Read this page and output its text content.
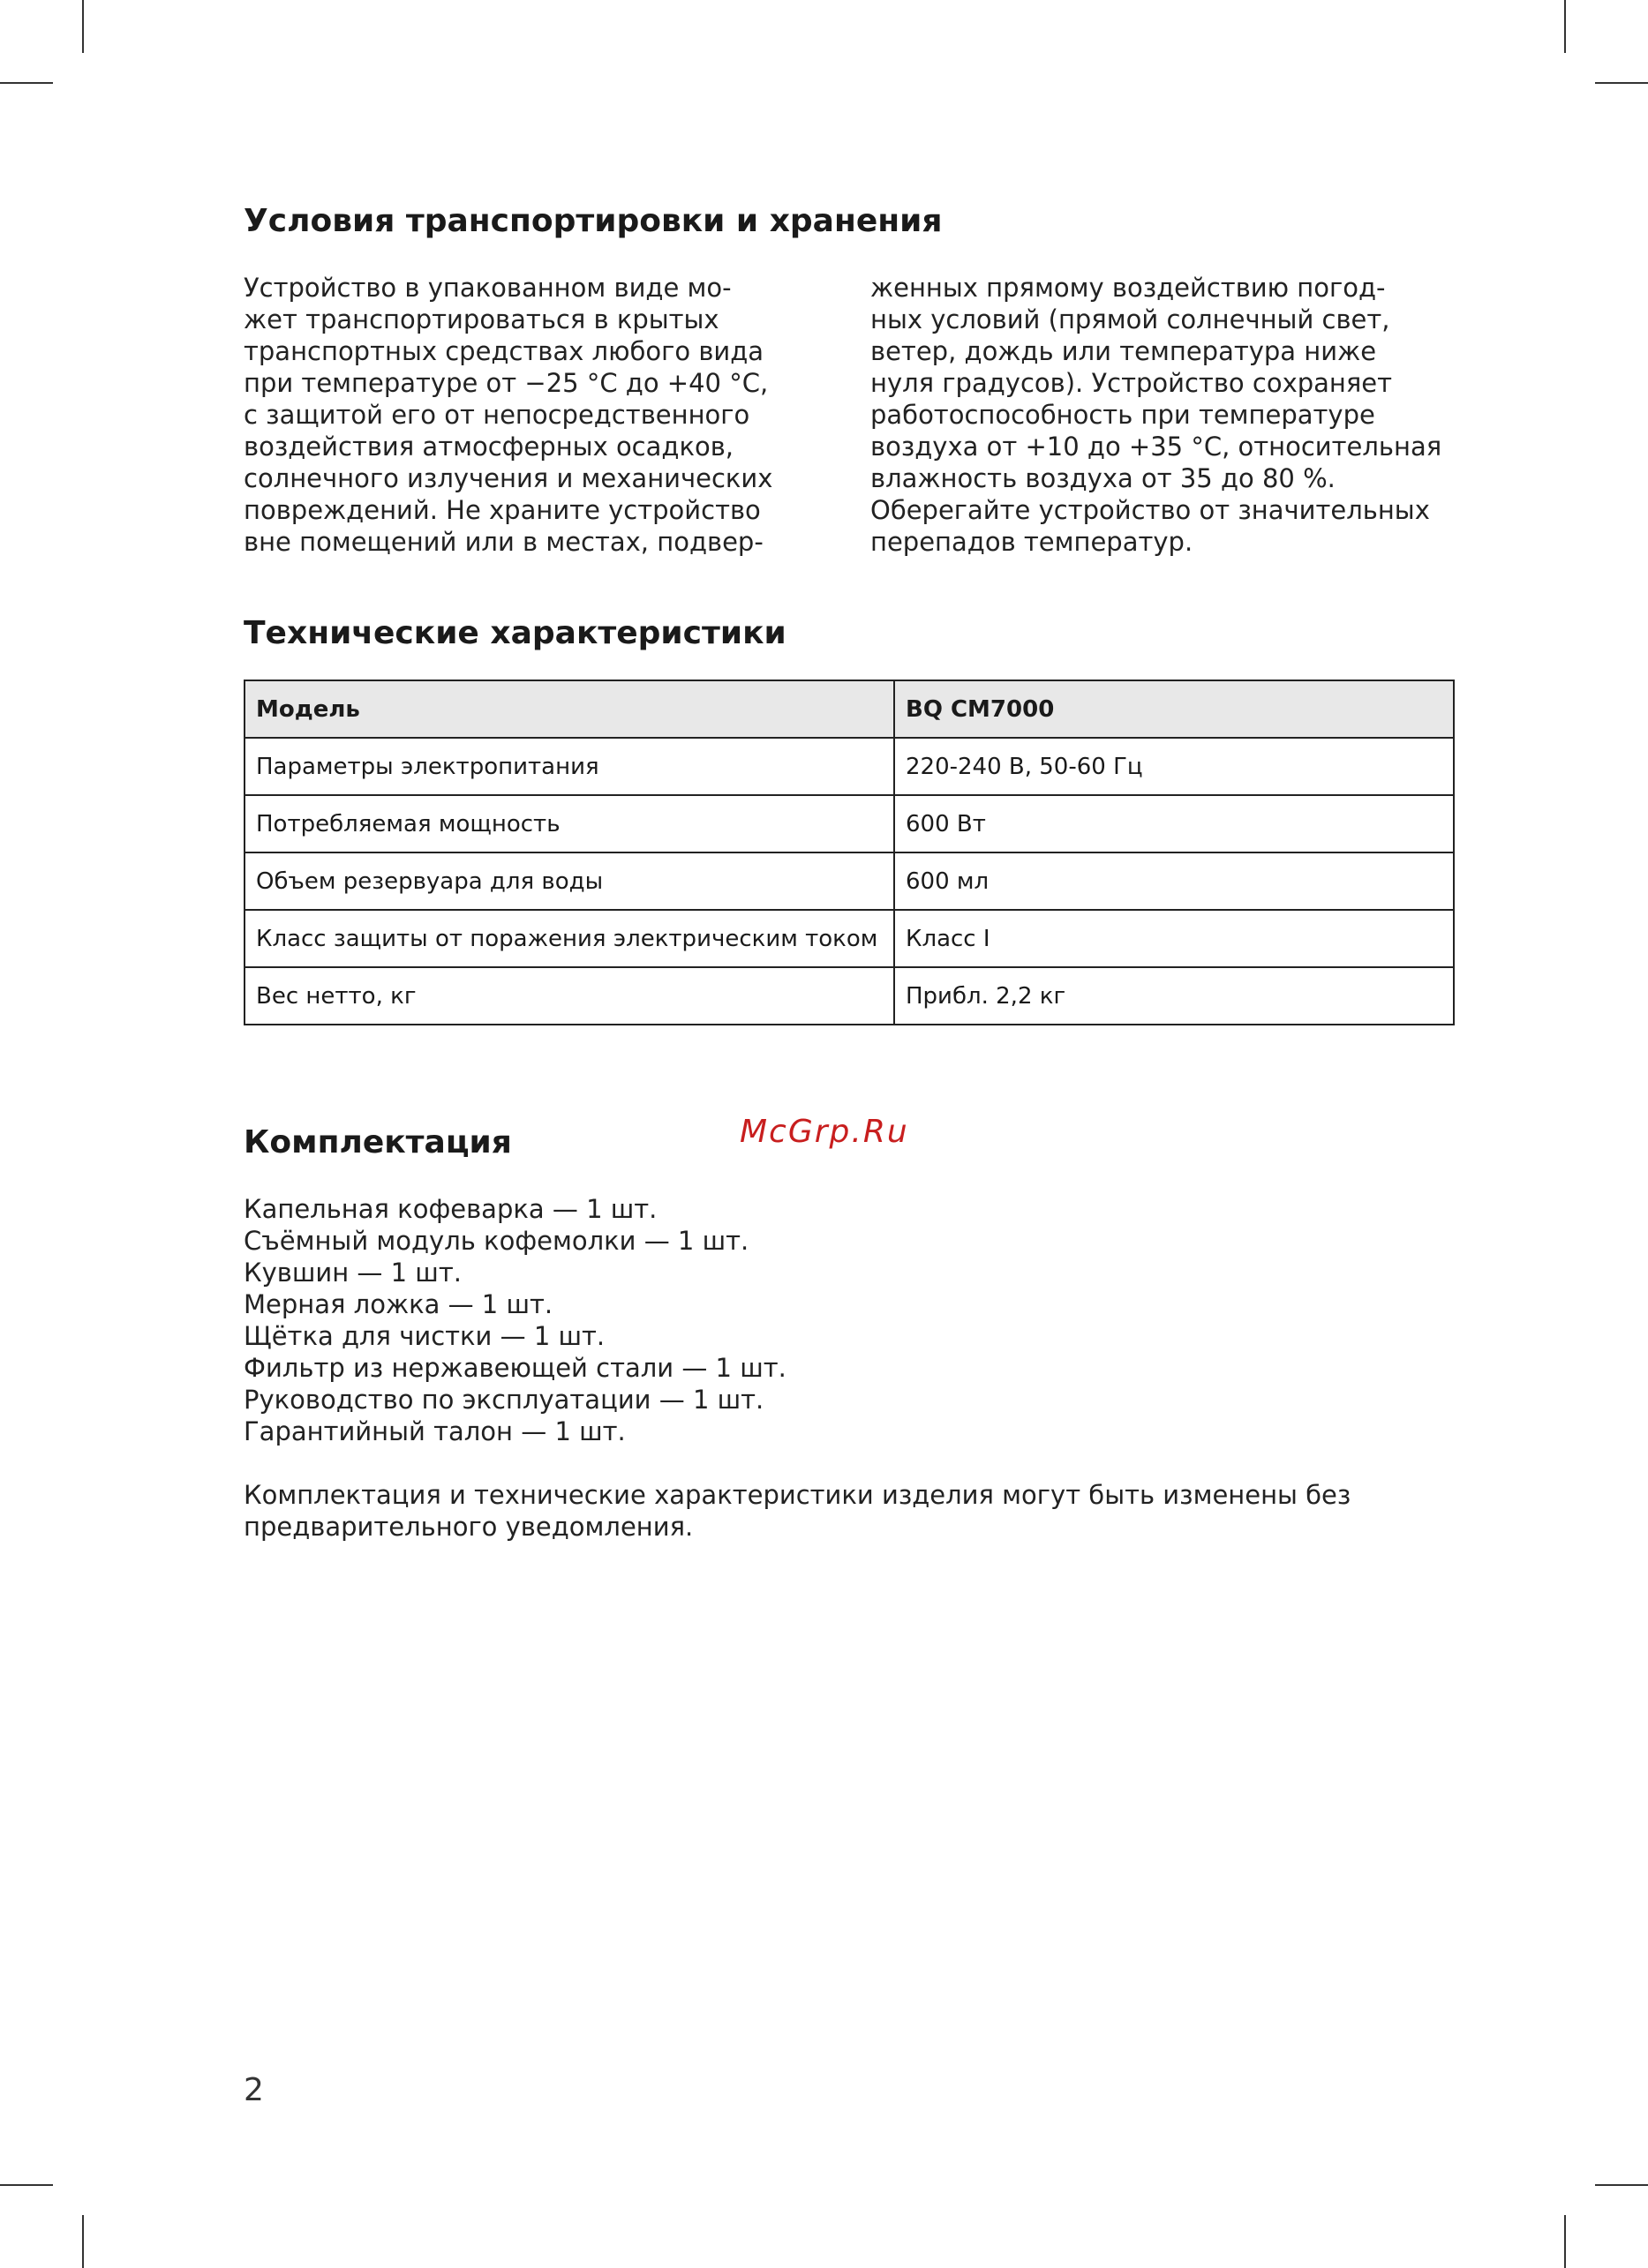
Условия транспортировки и хранения
Устройство в упакованном виде мо-
жет транспортироваться в крытых
транспортных средствах любого вида
при температуре от −25 °C до +40 °C,
с защитой его от непосредственного
воздействия атмосферных осадков,
солнечного излучения и механических
повреждений. Не храните устройство
вне помещений или в местах, подвер-
женных прямому воздействию погод-
ных условий (прямой солнечный свет,
ветер, дождь или температура ниже
нуля градусов). Устройство сохраняет
работоспособность при температуре
воздуха от +10 до +35 °C, относительная
влажность воздуха от 35 до 80 %.
Оберегайте устройство от значительных
перепадов температур.
Технические характеристики
Модель	BQ CM7000
Параметры электропитания	220-240 В, 50-60 Гц
Потребляемая мощность	600 Вт
Объем резервуара для воды	600 мл
Класс защиты от поражения электрическим током	Класс I
Вес нетто, кг	Прибл. 2,2 кг
Комплектация	McGrp.Ru
Капельная кофеварка — 1 шт.
Съёмный модуль кофемолки — 1 шт.
Кувшин — 1 шт.
Мерная ложка — 1 шт.
Щётка для чистки — 1 шт.
Фильтр из нержавеющей стали — 1 шт.
Руководство по эксплуатации — 1 шт.
Гарантийный талон — 1 шт.
Комплектация и технические характеристики изделия могут быть изменены без
предварительного уведомления.
2
